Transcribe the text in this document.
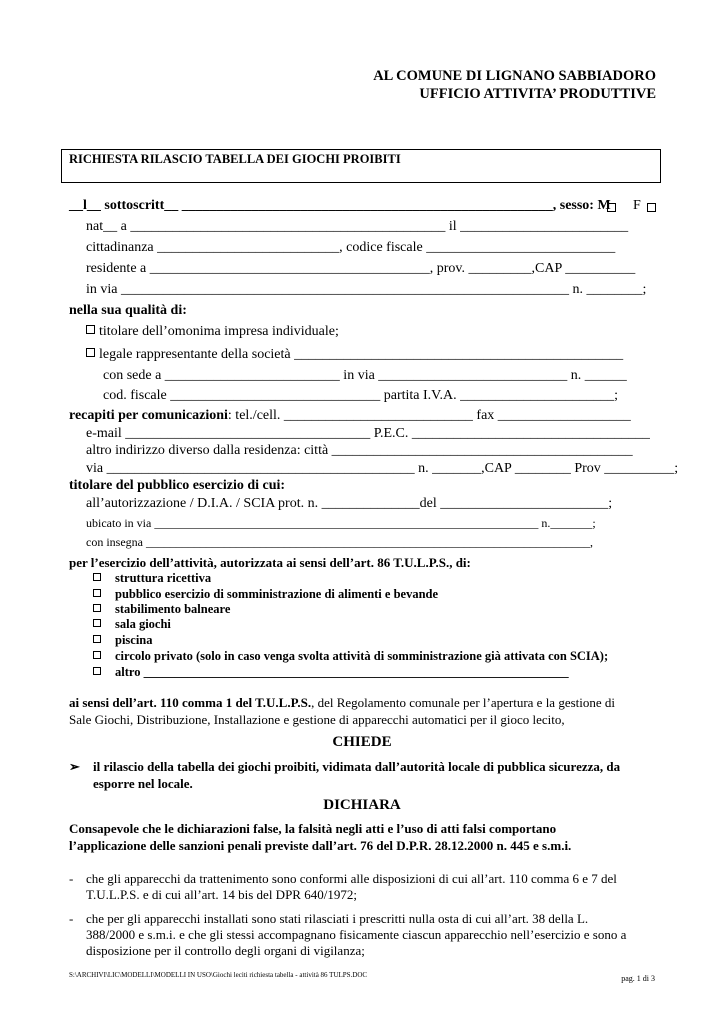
AL COMUNE DI LIGNANO SABBIADORO
UFFICIO ATTIVITA’ PRODUTTIVE
RICHIESTA RILASCIO TABELLA DEI GIOCHI PROIBITI
__l__ sottoscritt__ _____________________________________________________, sesso: M
	F
nat__ a _____________________________________________ il ________________________
cittadinanza __________________________, codice fiscale ___________________________
residente a ________________________________________, prov. _________,CAP __________
in via ________________________________________________________________ n. ________;
nella sua qualità di:
titolare dell’omonima impresa individuale;
legale rappresentante della società _______________________________________________
con sede a _________________________ in via ___________________________ n. ______
cod. fiscale ______________________________ partita I.V.A. ______________________;
recapiti per comunicazioni: tel./cell. ___________________________ fax ___________________
e-mail ___________________________________ P.E.C. __________________________________
altro indirizzo diverso dalla residenza: città ___________________________________________
via ____________________________________________ n. _______,CAP ________ Prov __________;
titolare del pubblico esercizio di cui:
all’autorizzazione / D.I.A. / SCIA prot. n. ______________del ________________________;
ubicato in via ________________________________________________________________ n._______;
con insegna __________________________________________________________________________,
per l’esercizio dell’attività, autorizzata ai sensi dell’art. 86 T.U.L.P.S., di:
struttura ricettiva
pubblico esercizio di somministrazione di alimenti e bevande
stabilimento balneare
sala giochi
piscina
circolo privato (solo in caso venga svolta attività di somministrazione già attivata con SCIA);
altro ____________________________________________________________________
ai sensi dell’art. 110 comma 1 del T.U.L.P.S., del Regolamento comunale per l’apertura e la gestione di
Sale Giochi, Distribuzione, Installazione e gestione di apparecchi automatici per il gioco lecito,
CHIEDE
➢ il rilascio della tabella dei giochi proibiti, vidimata dall’autorità locale di pubblica sicurezza, da
esporre nel locale.
DICHIARA
Consapevole che le dichiarazioni false, la falsità negli atti e l’uso di atti falsi comportano
l’applicazione delle sanzioni penali previste dall’art. 76 del D.P.R. 28.12.2000 n. 445 e s.m.i.
- che gli apparecchi da trattenimento sono conformi alle disposizioni di cui all’art. 110 comma 6 e 7 del
T.U.L.P.S. e di cui all’art. 14 bis del DPR 640/1972;
- che per gli apparecchi installati sono stati rilasciati i prescritti nulla osta di cui all’art. 38 della L.
388/2000 e s.m.i. e che gli stessi accompagnano fisicamente ciascun apparecchio nell’esercizio e sono a
disposizione per il controllo degli organi di vigilanza;
S:\ARCHIVI\LIC\MODELLI\MODELLI IN USO\Giochi leciti richiesta tabella - attività 86 TULPS.DOC	pag. 1 di 3
